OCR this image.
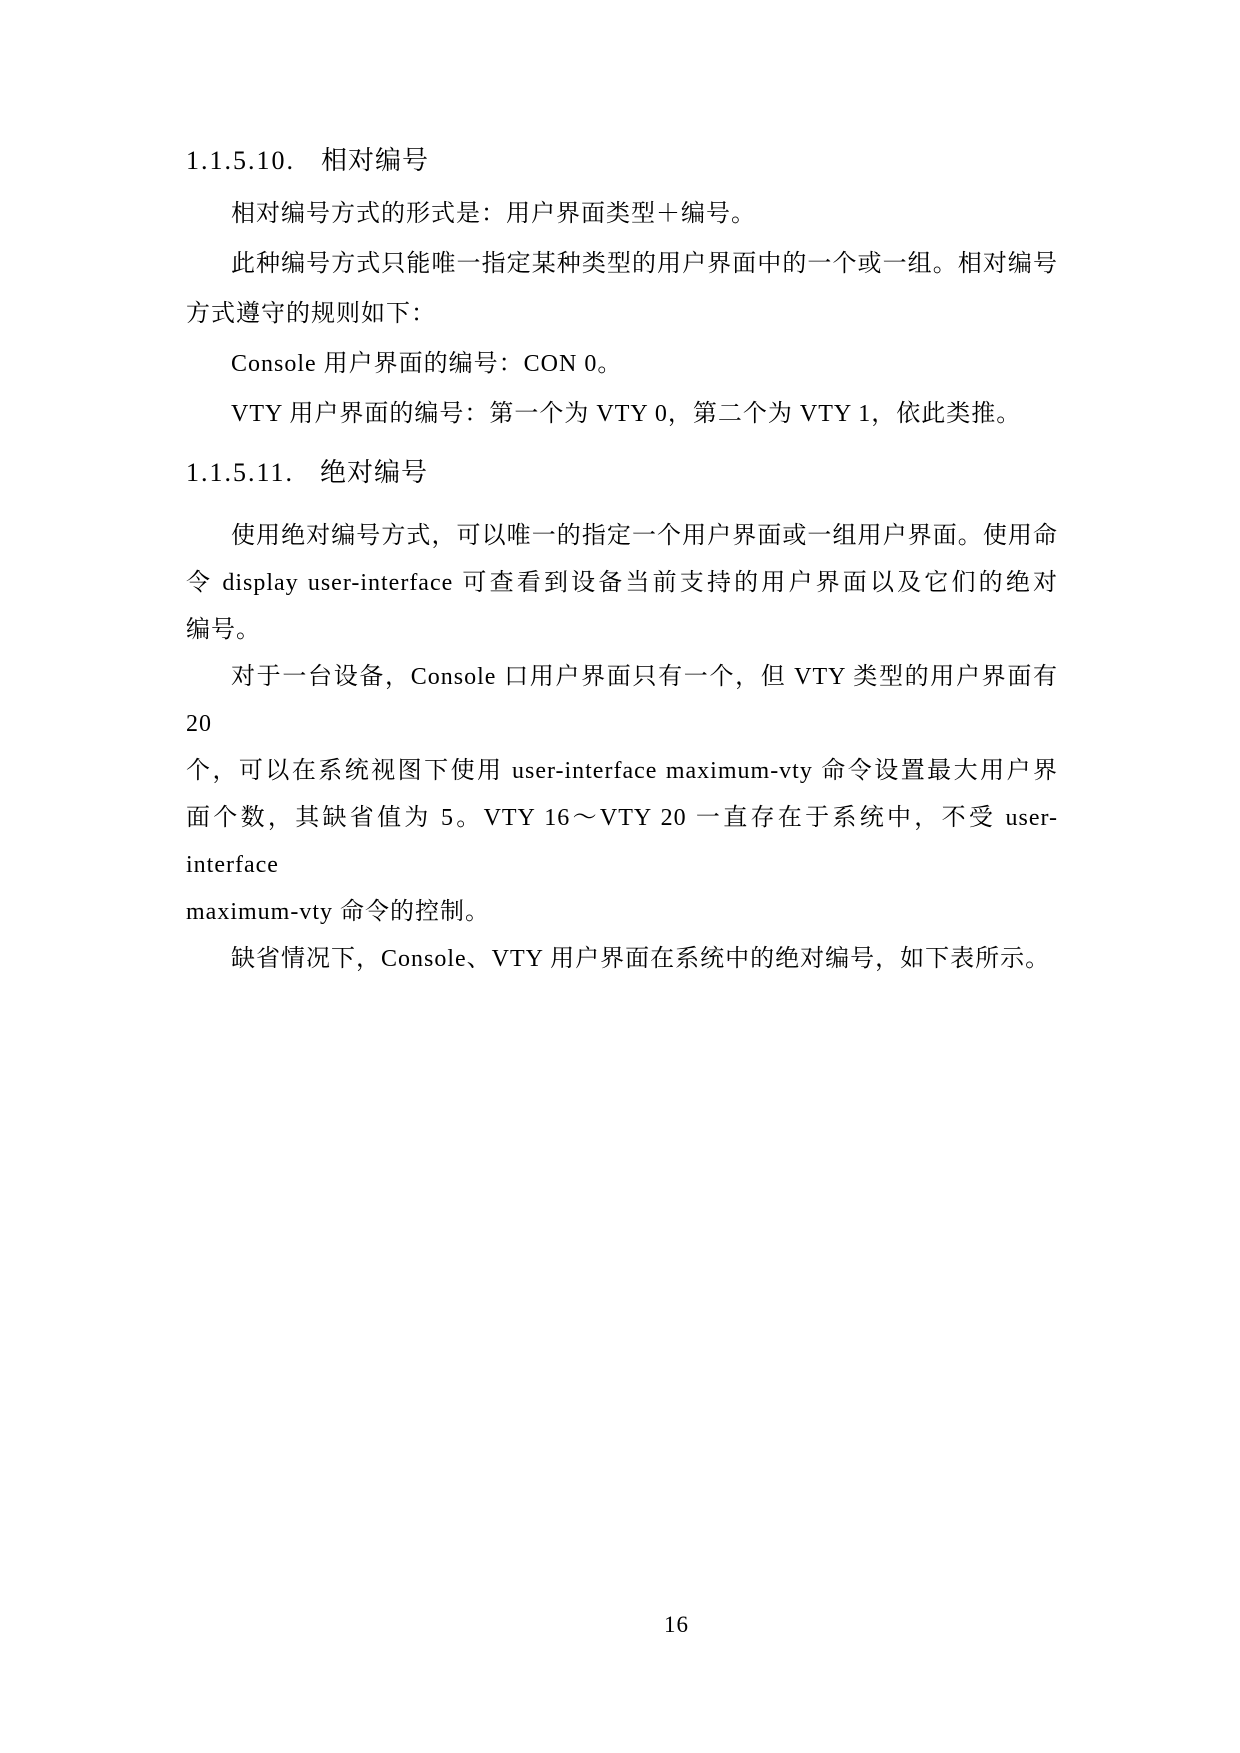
1.1.5.10. 相对编号

相对编号方式的形式是：用户界面类型＋编号。

此种编号方式只能唯一指定某种类型的用户界面中的一个或一组。相对编号

方式遵守的规则如下：

Console 用户界面的编号：CON 0。

VTY 用户界面的编号：第一个为 VTY 0，第二个为 VTY 1，依此类推。

1.1.5.11. 绝对编号

使用绝对编号方式，可以唯一的指定一个用户界面或一组用户界面。使用命

令 display user-interface 可查看到设备当前支持的用户界面以及它们的绝对

编号。

对于一台设备，Console 口用户界面只有一个，但 VTY 类型的用户界面有 20

个，可以在系统视图下使用 user-interface maximum-vty 命令设置最大用户界

面个数，其缺省值为 5。VTY 16～VTY 20 一直存在于系统中，不受 user-interface

maximum-vty 命令的控制。

缺省情况下，Console、VTY 用户界面在系统中的绝对编号，如下表所示。

16
